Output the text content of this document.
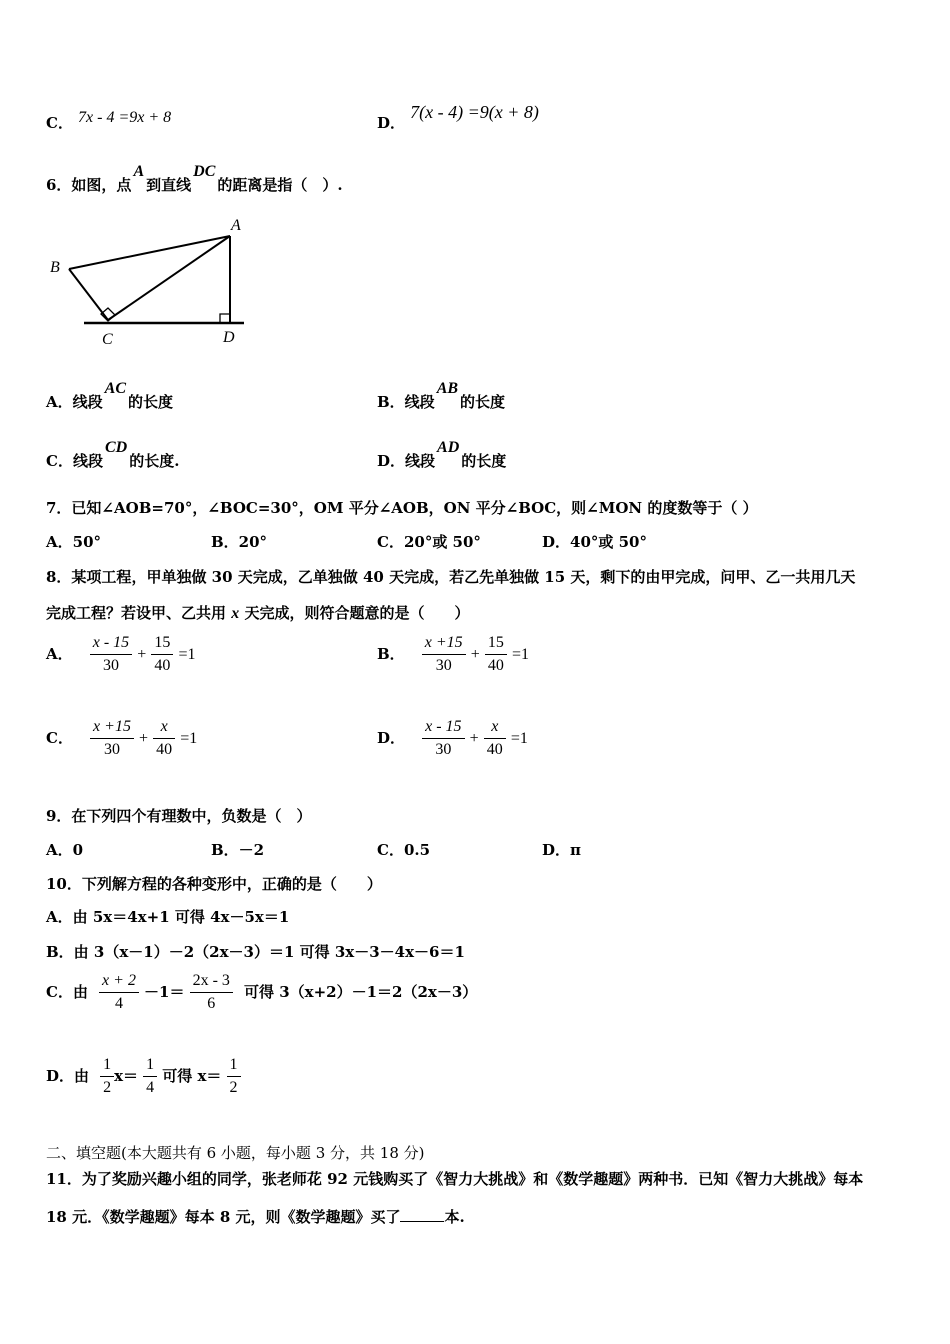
C． 7x - 4 =9x + 8	D． 7(x - 4) =9(x + 8)
6．如图，点A到直线DC的距离是指（　）.
A
B
C	D
A．线段AC的长度	B．线段AB的长度
C．线段CD的长度.	D．线段AD的长度
7．已知∠AOB=70°，∠BOC=30°，OM 平分∠AOB，ON 平分∠BOC，则∠MON 的度数等于（ ）
A．50°	B．20°	C．20°或 50°	D．40°或 50°
8．某项工程，甲单独做 30 天完成，乙单独做 40 天完成，若乙先单独做 15 天，剩下的由甲完成，问甲、乙一共用几天
完成工程？若设甲、乙共用 x 天完成，则符合题意的是（　　）
A． $\frac{x - 15}{30} + \frac{15}{40} =1$	B． $\frac{x +15}{30} + \frac{15}{40} =1$
C． $\frac{x +15}{30} + \frac{x}{40} =1$	D． $\frac{x - 15}{30} + \frac{x}{40} =1$
9．在下列四个有理数中，负数是（　）
A．0	B．－2	C．0.5	D．π
10．下列解方程的各种变形中，正确的是（　　）
A．由 5x＝4x+1 可得 4x－5x＝1
B．由 3（x－1）－2（2x－3）＝1 可得 3x－3－4x－6＝1
C．由 $\frac{x + 2}{4} -1= \frac{2x - 3}{6}$ 可得 3（x+2）－1＝2（2x－3）
D．由 $\frac{1}{2} x= \frac{1}{4}$ 可得 $x= \frac{1}{2}$
二、填空题(本大题共有 6 小题，每小题 3 分，共 18 分)
11．为了奖励兴趣小组的同学，张老师花 92 元钱购买了《智力大挑战》和《数学趣题》两种书．已知《智力大挑战》每本
18 元．《数学趣题》每本 8 元，则《数学趣题》买了	本.
